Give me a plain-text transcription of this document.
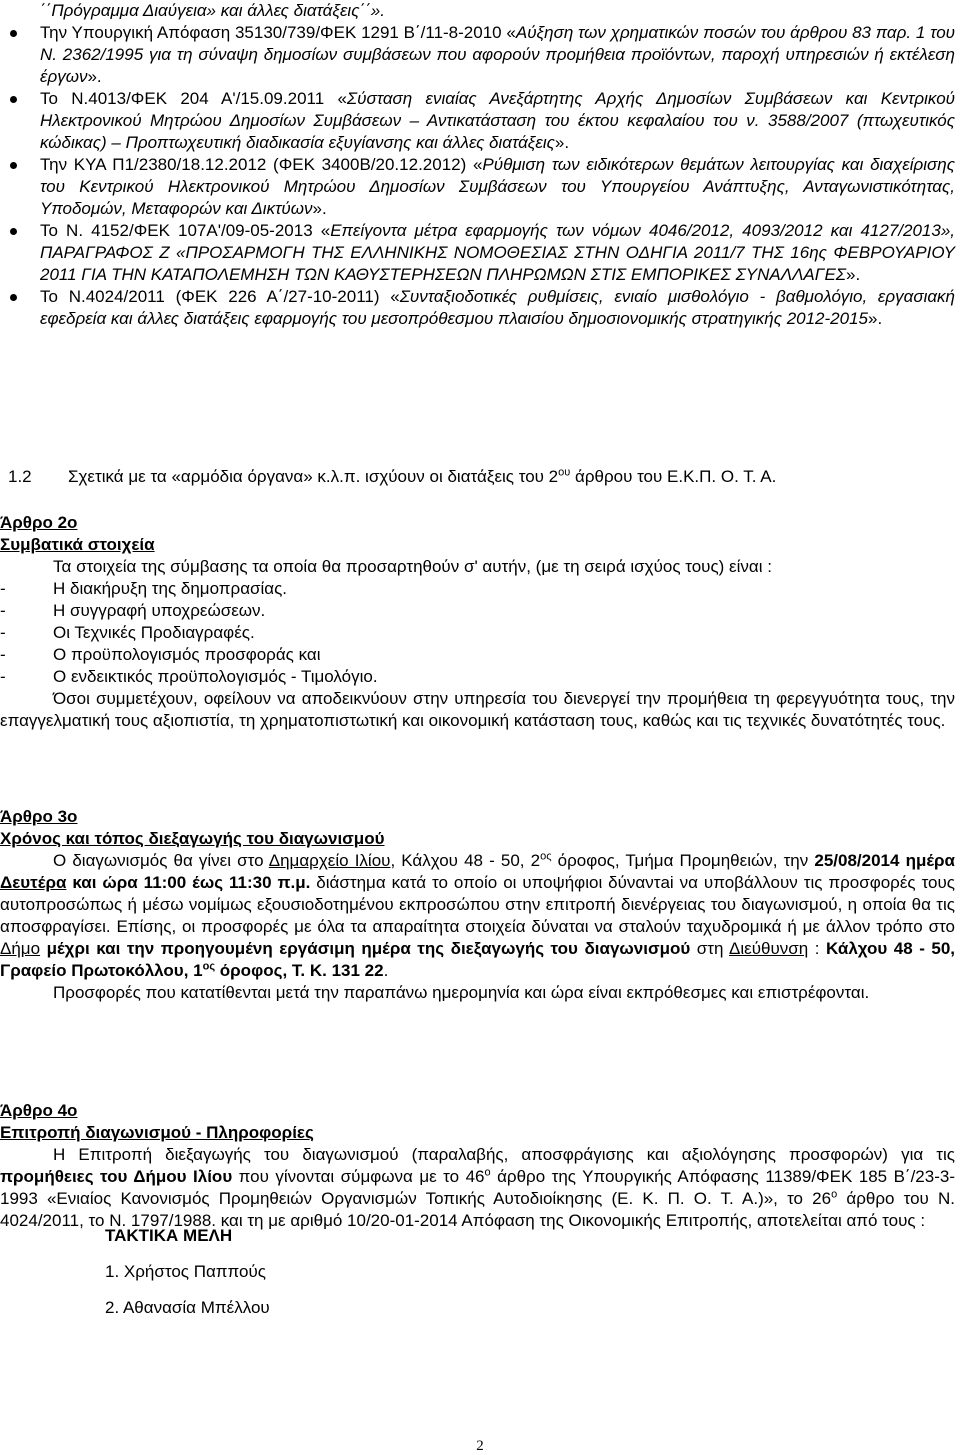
΄΄Πρόγραμμα Διαύγεια» και άλλες διατάξεις΄΄».
Την Υπουργική Απόφαση 35130/739/ΦΕΚ 1291 Β΄/11-8-2010 «Αύξηση των χρηματικών ποσών του άρθρου 83 παρ. 1 του Ν. 2362/1995 για τη σύναψη δημοσίων συμβάσεων που αφορούν προμήθεια προϊόντων, παροχή υπηρεσιών ή εκτέλεση έργων».
Το Ν.4013/ΦΕΚ 204 Α'/15.09.2011 «Σύσταση ενιαίας Ανεξάρτητης Αρχής Δημοσίων Συμβάσεων και Κεντρικού Ηλεκτρονικού Μητρώου Δημοσίων Συμβάσεων – Αντικατάσταση του έκτου κεφαλαίου του ν. 3588/2007 (πτωχευτικός κώδικας) – Προπτωχευτική διαδικασία εξυγίανσης και άλλες διατάξεις».
Την ΚΥΑ Π1/2380/18.12.2012 (ΦΕΚ 3400Β/20.12.2012) «Ρύθμιση των ειδικότερων θεμάτων λειτουργίας και διαχείρισης του Κεντρικού Ηλεκτρονικού Μητρώου Δημοσίων Συμβάσεων του Υπουργείου Ανάπτυξης, Ανταγωνιστικότητας, Υποδομών, Μεταφορών και Δικτύων».
Το Ν. 4152/ΦΕΚ 107Α'/09-05-2013 «Επείγοντα μέτρα εφαρμογής των νόμων 4046/2012, 4093/2012 και 4127/2013», ΠΑΡΑΓΡΑΦΟΣ Ζ «ΠΡΟΣΑΡΜΟΓΗ ΤΗΣ ΕΛΛΗΝΙΚΗΣ ΝΟΜΟΘΕΣΙΑΣ ΣΤΗΝ ΟΔΗΓΙΑ 2011/7 ΤΗΣ 16ης ΦΕΒΡΟΥΑΡΙΟΥ 2011 ΓΙΑ ΤΗΝ ΚΑΤΑΠΟΛΕΜΗΣΗ ΤΩΝ ΚΑΘΥΣΤΕΡΗΣΕΩΝ ΠΛΗΡΩΜΩΝ ΣΤΙΣ ΕΜΠΟΡΙΚΕΣ ΣΥΝΑΛΛΑΓΕΣ».
Το Ν.4024/2011 (ΦΕΚ 226 Α΄/27-10-2011) «Συνταξιοδοτικές ρυθμίσεις, ενιαίο μισθολόγιο - βαθμολόγιο, εργασιακή εφεδρεία και άλλες διατάξεις εφαρμογής του μεσοπρόθεσμου πλαισίου δημοσιονομικής στρατηγικής 2012-2015».
1.2 Σχετικά με τα «αρμόδια όργανα» κ.λ.π. ισχύουν οι διατάξεις του $2^{o\upsilon}$ άρθρου του Ε.Κ.Π. Ο. Τ. Α.

Άρθρο 2ο

Συμβατικά στοιχεία

Τα στοιχεία της σύμβασης τα οποία θα προσαρτηθούν σ' αυτήν, (με τη σειρά ισχύος τους) είναι :

- Η διακήρυξη της δημοπρασίας.

- Η συγγραφή υποχρεώσεων.

- Οι Τεχνικές Προδιαγραφές.

- Ο προϋπολογισμός προσφοράς και

- Ο ενδεικτικός προϋπολογισμός - Τιμολόγιο.

Όσοι συμμετέχουν, οφείλουν να αποδεικνύουν στην υπηρεσία του διενεργεί την προμήθεια τη φερεγγυότητα τους, την επαγγελματική τους αξιοπιστία, τη χρηματοπιστωτική και οικονομική κατάσταση τους, καθώς και τις τεχνικές δυνατότητές τους.

Άρθρο 3ο

Χρόνος και τόπος διεξαγωγής του διαγωνισμού

Ο διαγωνισμός θα γίνει στο Δημαρχείο Ιλίου, Κάλχου 48 - 50, $2^{o\varsigma}$ όροφος, Τμήμα Προμηθειών, την 25/08/2014 ημέρα Δευτέρα και ώρα 11:00 έως 11:30 π.μ. διάστημα κατά το οποίο οι υποψήφιοι δύναντai να υποβάλλουν τις προσφορές τους αυτοπροσώπως ή μέσω νομίμως εξουσιοδοτημένου εκπροσώπου στην επιτροπή διενέργειας του διαγωνισμού, η οποία θα τις αποσφραγίσει. Επίσης, οι προσφορές με όλα τα απαραίτητα στοιχεία δύναται να σταλούν ταχυδρομικά ή με άλλον τρόπο στο Δήμο μέχρι και την προηγουμένη εργάσιμη ημέρα της διεξαγωγής του διαγωνισμού στη Διεύθυνση : Κάλχου 48 - 50, Γραφείο Πρωτοκόλλου, $1^{o\varsigma}$ όροφος, Τ. Κ. 131 22.

Προσφορές που κατατίθενται μετά την παραπάνω ημερομηνία και ώρα είναι εκπρόθεσμες και επιστρέφονται.

Άρθρο 4ο

Επιτροπή διαγωνισμού - Πληροφορίες

Η Επιτροπή διεξαγωγής του διαγωνισμού (παραλαβής, αποσφράγισης και αξιολόγησης προσφορών) για τις προμήθειες του Δήμου Ιλίου που γίνονται σύμφωνα με το $46^o$ άρθρο της Υπουργικής Απόφασης 11389/ΦΕΚ 185 Β΄/23-3-1993 «Ενιαίος Κανονισμός Προμηθειών Οργανισμών Τοπικής Αυτοδιοίκησης (Ε. Κ. Π. Ο. Τ. Α.)», το $26^o$ άρθρο του Ν. 4024/2011, το Ν. 1797/1988. και τη με αριθμό 10/20-01-2014 Απόφαση της Οικονομικής Επιτροπής, αποτελείται από τους :

ΤΑΚΤΙΚΑ ΜΕΛΗ

1. Χρήστος Παππούς

2. Αθανασία Μπέλλου

2
